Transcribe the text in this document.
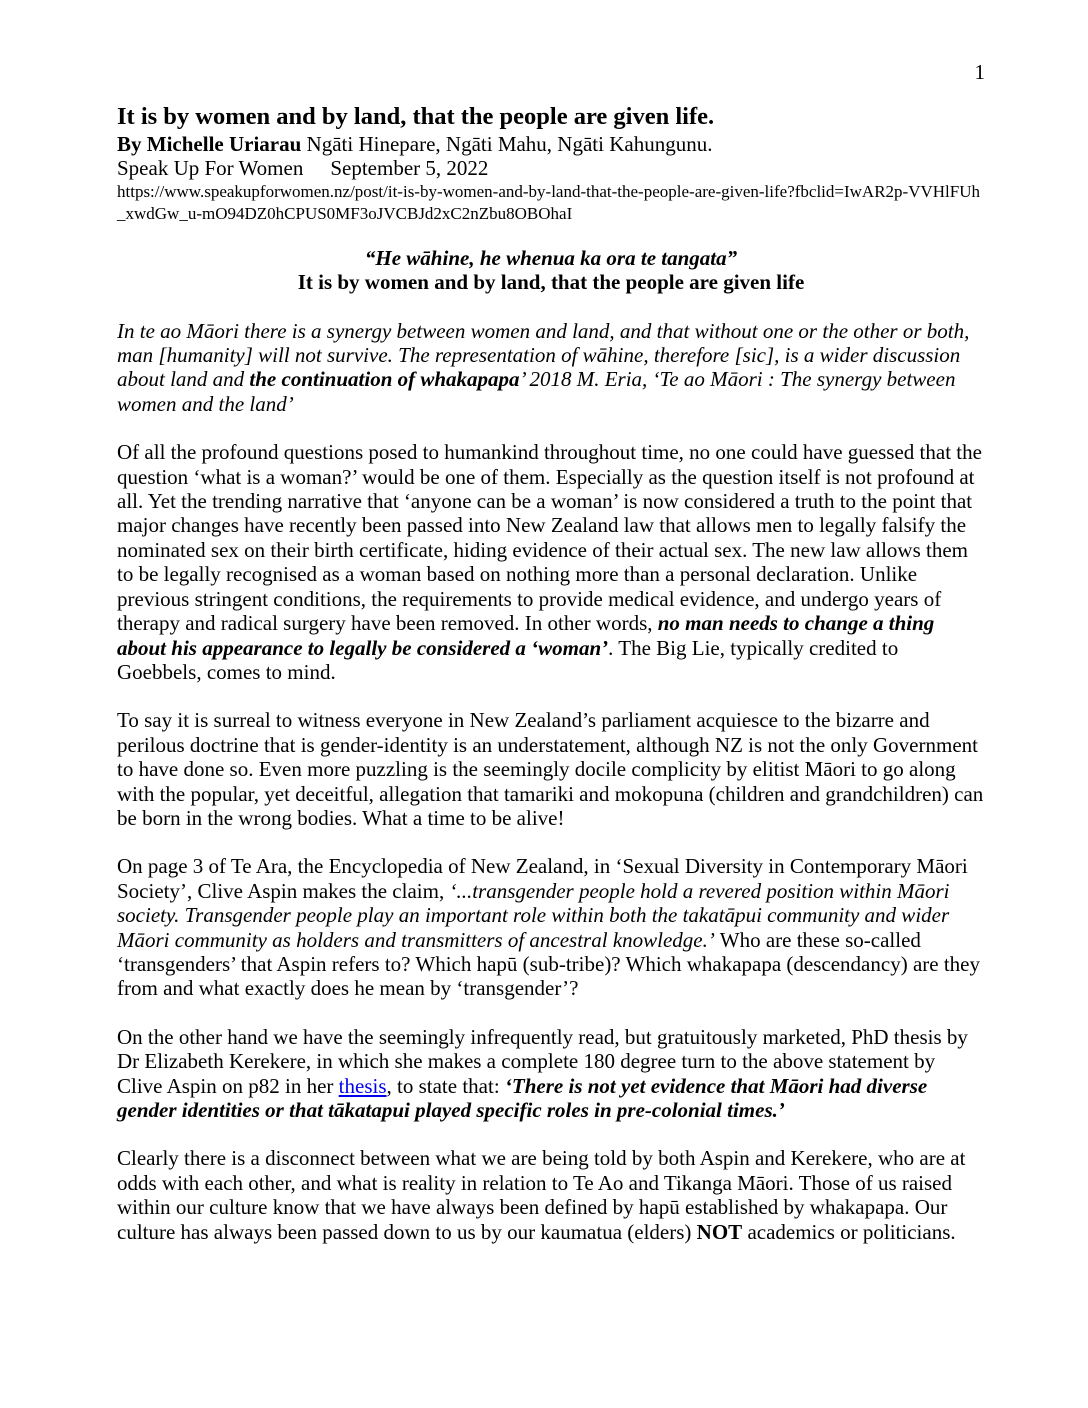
1
It is by women and by land, that the people are given life.

By Michelle Uriarau Ngāti Hinepare, Ngāti Mahu, Ngāti Kahungunu.

Speak Up For Women September 5, 2022

https://www.speakupforwomen.nz/post/it-is-by-women-and-by-land-that-the-people-are-given-life?fbclid=IwAR2p-VVHlFUh_xwdGw_u-mO94DZ0hCPUS0MF3oJVCBJd2xC2nZbu8OBOhaI

“He wāhine, he whenua ka ora te tangata”
It is by women and by land, that the people are given life

In te ao Māori there is a synergy between women and land, and that without one or the other or both, man [humanity] will not survive. The representation of wāhine, therefore [sic], is a wider discussion about land and the continuation of whakapapa’ 2018 M. Eria, ‘Te ao Māori : The synergy between women and the land’

Of all the profound questions posed to humankind throughout time, no one could have guessed that the question ‘what is a woman?’ would be one of them. Especially as the question itself is not profound at all. Yet the trending narrative that ‘anyone can be a woman’ is now considered a truth to the point that major changes have recently been passed into New Zealand law that allows men to legally falsify the nominated sex on their birth certificate, hiding evidence of their actual sex. The new law allows them to be legally recognised as a woman based on nothing more than a personal declaration. Unlike previous stringent conditions, the requirements to provide medical evidence, and undergo years of therapy and radical surgery have been removed. In other words, no man needs to change a thing about his appearance to legally be considered a ‘woman’. The Big Lie, typically credited to Goebbels, comes to mind.

To say it is surreal to witness everyone in New Zealand’s parliament acquiesce to the bizarre and perilous doctrine that is gender-identity is an understatement, although NZ is not the only Government to have done so. Even more puzzling is the seemingly docile complicity by elitist Māori to go along with the popular, yet deceitful, allegation that tamariki and mokopuna (children and grandchildren) can be born in the wrong bodies. What a time to be alive!

On page 3 of Te Ara, the Encyclopedia of New Zealand, in ‘Sexual Diversity in Contemporary Māori Society’, Clive Aspin makes the claim, ‘...transgender people hold a revered position within Māori society. Transgender people play an important role within both the takatāpui community and wider Māori community as holders and transmitters of ancestral knowledge.’ Who are these so-called ‘transgenders’ that Aspin refers to? Which hapū (sub-tribe)? Which whakapapa (descendancy) are they from and what exactly does he mean by ‘transgender’?

On the other hand we have the seemingly infrequently read, but gratuitously marketed, PhD thesis by Dr Elizabeth Kerekere, in which she makes a complete 180 degree turn to the above statement by Clive Aspin on p82 in her thesis, to state that: ‘There is not yet evidence that Māori had diverse gender identities or that tākatapui played specific roles in pre-colonial times.’

Clearly there is a disconnect between what we are being told by both Aspin and Kerekere, who are at odds with each other, and what is reality in relation to Te Ao and Tikanga Māori. Those of us raised within our culture know that we have always been defined by hapū established by whakapapa. Our culture has always been passed down to us by our kaumatua (elders) NOT academics or politicians.
